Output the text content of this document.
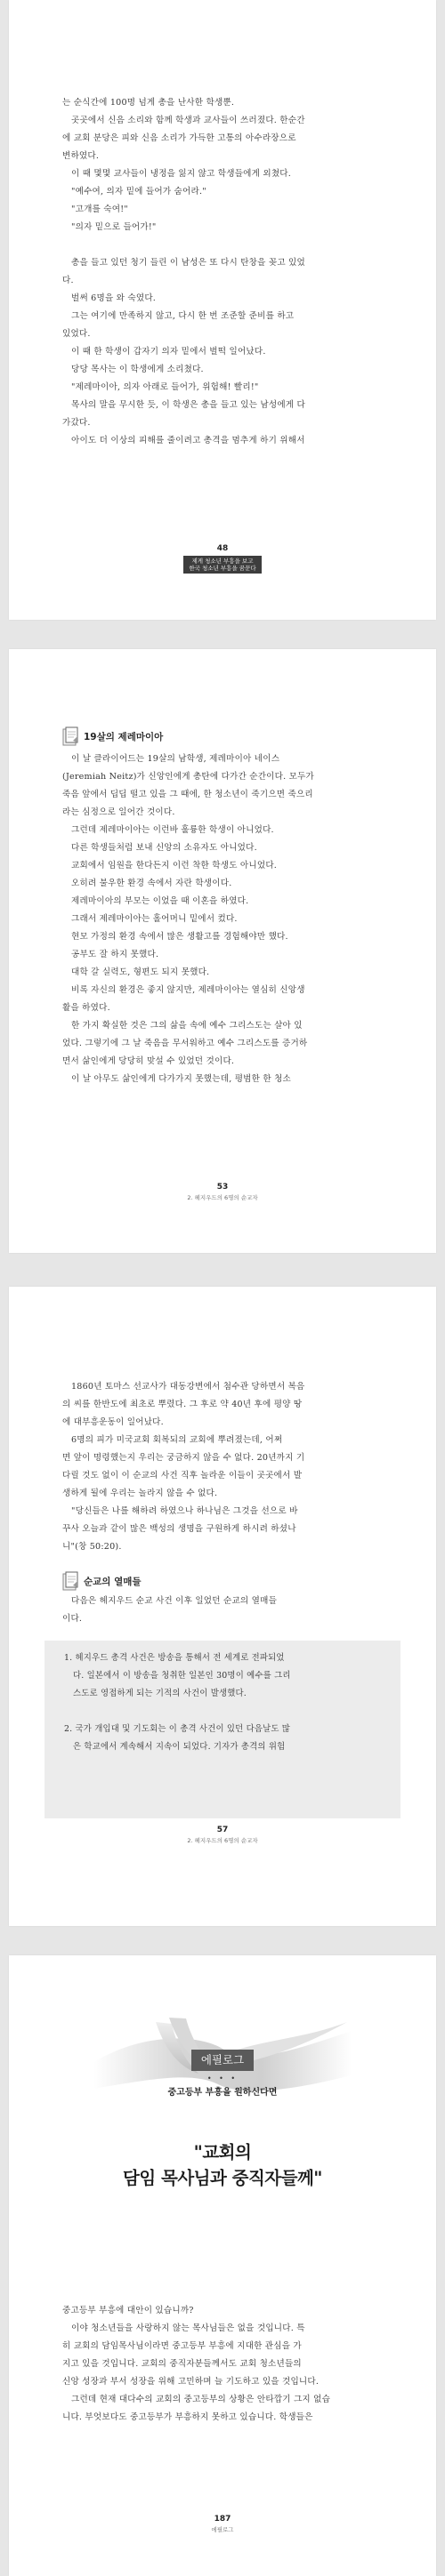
는 순식간에 100명 넘게 총을 난사한 학생뿐.

곳곳에서 신음 소리와 함께 학생과 교사들이 쓰러졌다. 한순간

에 교회 분당은 피와 신음 소리가 가득한 고통의 아수라장으로

변하였다.

이 때 몇몇 교사들이 냉정을 잃지 않고 학생들에게 외쳤다.

"예수여, 의자 밑에 들어가 숨어라."

"고개를 숙여!"

"의자 밑으로 들어가!"

총을 들고 있던 청기 들린 이 남성은 또 다시 탄창을 꽂고 있었

다.

벌써 6명을 와 숙였다.

그는 여기에 만족하지 않고, 다시 한 번 조준할 준비를 하고

있었다.

이 때 한 학생이 갑자기 의자 밑에서 벌떡 일어났다.

당당 목사는 이 학생에게 소리쳤다.

"제레마이아, 의자 아래로 들어가, 위험해! 빨리!"

목사의 말을 무시한 듯, 이 학생은 총을 들고 있는 남성에게 다

가갔다.

아이도 더 이상의 피해를 줄이려고 총격을 멈추게 하기 위해서

48

제게 청소년 부흥을 보고
한국 청소년 부흥을 꿈꾼다
19살의 제레마이아

이 날 클라이어드는 19살의 남학생, 제레마이아 네이스

(Jeremiah Neitz)가 신앙인에게 총탄에 다가간 순간이다. 모두가

죽음 앞에서 딥딥 떨고 있을 그 때에, 한 청소년이 죽기으면 죽으리

라는 심정으로 일어간 것이다.

그런데 제레마이아는 이런바 훌륭한 학생이 아니었다.

다른 학생들처럼 보내 신앙의 소유자도 아니었다.

교회에서 임원을 한다든지 이런 착한 학생도 아니었다.

오히려 불우한 환경 속에서 자란 학생이다.

제레마이아의 부모는 이었을 때 이혼을 하였다.

그래서 제레마이아는 홀어머니 밑에서 컸다.

현모 가정의 환경 속에서 많은 생활고를 경험해야만 했다.

공부도 잘 하지 못했다.

대학 갈 실력도, 형편도 되지 못했다.

비록 자신의 환경은 좋지 않지만, 제레마이아는 열심히 신앙생

활을 하였다.

한 가지 확실한 것은 그의 삶을 속에 예수 그리스도는 살아 있

었다. 그렇기에 그 날 죽음을 무서워하고 예수 그리스도를 증거하

면서 삶인에게 당당히 맞설 수 있었던 것이다.

이 날 아무도 삶인에게 다가가지 못했는데, 평범한 한 청소

53

2. 헤지우드의 6명의 순교자

1860년 토마스 선교사가 대동강변에서 첨수관 당하면서 복음

의 씨를 한반도에 최초로 뿌렸다. 그 후로 약 40년 후에 평양 땅

에 대부흥운동이 일어났다.

6명의 피가 미국교회 회복되의 교회에 뿌려졌는데, 어쩌

면 앞이 명령했는지 우리는 궁금하지 않을 수 없다. 20년까지 기

다릴 것도 없이 이 순교의 사건 직후 놀라운 이들이 곳곳에서 발

생하게 될에 우리는 놀라지 않을 수 없다.

"당신들은 나를 해하려 하였으나 하나님은 그것을 선으로 바

꾸사 오늘과 같이 많은 백성의 생명을 구원하게 하시려 하셨나

니"(창 50:20).

순교의 열매들

다음은 헤지우드 순교 사건 이후 일었던 순교의 열매들

이다.

1. 헤지우드 총격 사건은 방송을 통해서 전 세계로 전파되었

다. 일본에서 이 방송을 청취한 일본인 30명이 예수를 그리

스도로 영접하게 되는 기적의 사건이 발생했다.

2. 국가 개입대 및 기도회는 이 총격 사건이 있던 다음날도 많

은 학교에서 계속해서 지속이 되었다. 기자가 총격의 위험

57

2. 헤지우드의 6명의 순교자

에필로그

• • •

중고등부 부흥을 원하신다면

"교회의

담임 목사님과 중직자들께"

중고등부 부흥에 대안이 있습니까?

이야 청소년들을 사랑하지 않는 목사님들은 없을 것입니다. 특

히 교회의 담임목사님이라면 중고등부 부흥에 지대한 관심을 가

지고 있을 것입니다. 교회의 중직자분들께서도 교회 청소년들의

신앙 성장과 부서 성장을 위해 고민하며 늘 기도하고 있을 것입니다.

그런데 현재 대다수의 교회의 중고등부의 상황은 안타깝기 그지 없습

니다. 부엇보다도 중고등부가 부흥하지 못하고 있습니다. 학생들은

187

에필로그
